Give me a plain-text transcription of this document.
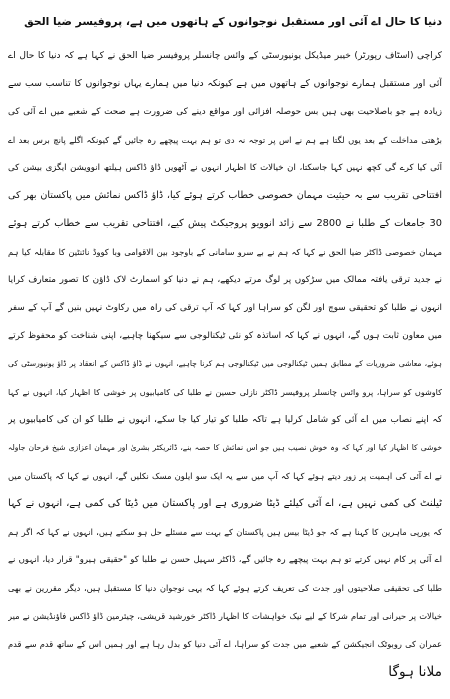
دنیا کا حال اے آئی اور مستقبل نوجوانوں کے ہاتھوں میں ہے، پروفیسر ضیا الحق
کراچی (اسٹاف رپورٹر) خیبر میڈیکل یونیورسٹی کے وائس چانسلر پروفیسر ضیا الحق نے کہا ہے کہ دنیا کا حال اے
آئی اور مستقبل ہمارے نوجوانوں کے ہاتھوں میں ہے کیونکہ دنیا میں ہمارے یہاں نوجوانوں کا تناسب سب سے
زیادہ ہے جو باصلاحیت بھی ہیں بس حوصلہ افزائی اور مواقع دینے کی ضرورت ہے صحت کے شعبے میں اے آئی کی
بڑھتی مداخلت کے بعد یوں لگتا ہے ہم نے اس پر توجہ نہ دی تو ہم بہت پیچھے رہ جائیں گے کیونکہ اگلے پانچ برس بعد اے
آئی کیا کرے گی کچھ نہیں کہا جاسکتا، ان خیالات کا اظہار انہوں نے آٹھویں ڈاؤ ڈاکس ہیلتھ انوویشن ایگزی بیشن کی
افتتاحی تقریب سے بہ حیثیت مہمان خصوصی خطاب کرتے ہوئے کیا، ڈاؤ ڈاکس نمائش میں پاکستان بھر کی
30 جامعات کے طلبا نے 2800 سے زائد انوویو پروجیکٹ پیش کیے، افتتاحی تقریب سے خطاب کرتے ہوئے
مہمان خصوصی ڈاکٹر ضیا الحق نے کہا کہ ہم نے بے سرو سامانی کے باوجود بین الاقوامی وبا کووڈ نائنٹین کا مقابلہ کیا ہم
نے جدید ترقی یافتہ ممالک میں سڑکوں پر لوگ مرتے دیکھے، ہم نے دنیا کو اسمارٹ لاک ڈاؤن کا تصور متعارف کرایا
انہوں نے طلبا کو تحقیقی سوچ اور لگن کو سراہا اور کہا کہ آپ ترقی کی راہ میں رکاوٹ نہیں بنیں گے آپ کے سفر
میں معاون ثابت ہوں گے، انہوں نے کہا کہ اساتذہ کو نئی ٹیکنالوجی سے سیکھنا چاہیے، اپنی شناخت کو محفوظ کرتے
ہوئے، معاشی ضروریات کے مطابق ہمیں ٹیکنالوجی میں ٹیکنالوجی ہم کرنا چاہیے، انہوں نے ڈاؤ ڈاکس کے انعقاد پر ڈاؤ یونیورسٹی کی
کاوشوں کو سراہا، پرو وائس چانسلر پروفیسر ڈاکٹر نازلی حسین نے طلبا کی کامیابیوں پر خوشی کا اظہار کیا، انہوں نے کہا
کہ اپنے نصاب میں اے آئی کو شامل کرلیا ہے تاکہ طلبا کو تیار کیا جا سکے، انہوں نے طلبا کو ان کی کامیابیوں پر
خوشی کا اظہار کیا اور کہا کہ وہ خوش نصیب ہیں جو اس نمائش کا حصہ بنے، ڈائریکٹر بشریٰ اور مہمان اعزازی شیخ فرحان جاولہ
نے اے آئی کی اہمیت پر زور دیتے ہوئے کہا کہ آپ میں سے یہ ایک سو ایلون مسک نکلیں گے، انہوں نے کہا کہ پاکستان میں
ٹیلنٹ کی کمی نہیں ہے، اے آئی کیلئے ڈیٹا ضروری ہے اور پاکستان میں ڈیٹا کی کمی ہے، انہوں نے کہا
کہ یورپی ماہرین کا کہنا ہے کہ جو ڈیٹا بیس ہیں پاکستان کے بہت سے مسئلے حل ہو سکتے ہیں، انہوں نے کہا کہ اگر ہم
اے آئی پر کام نہیں کرتے تو ہم بہت پیچھے رہ جائیں گے، ڈاکٹر سہیل حسن نے طلبا کو "حقیقی ہیرو" قرار دیا، انہوں نے
طلبا کی تحقیقی صلاحیتوں اور جدت کی تعریف کرتے ہوئے کہا کہ یہی نوجوان دنیا کا مستقبل ہیں، دیگر مقررین نے بھی
خیالات پر حیرانی اور تمام شرکا کے لیے نیک خواہشات کا اظہار ڈاکٹر خورشید قریشی، چیئرمین ڈاؤ ڈاکس فاؤنڈیشن نے میر
عمران کی روبوٹک انجیکشن کے شعبے میں جدت کو سراہا، اے آئی دنیا کو بدل رہا ہے اور ہمیں اس کے ساتھ قدم سے قدم
ملانا ہوگا
